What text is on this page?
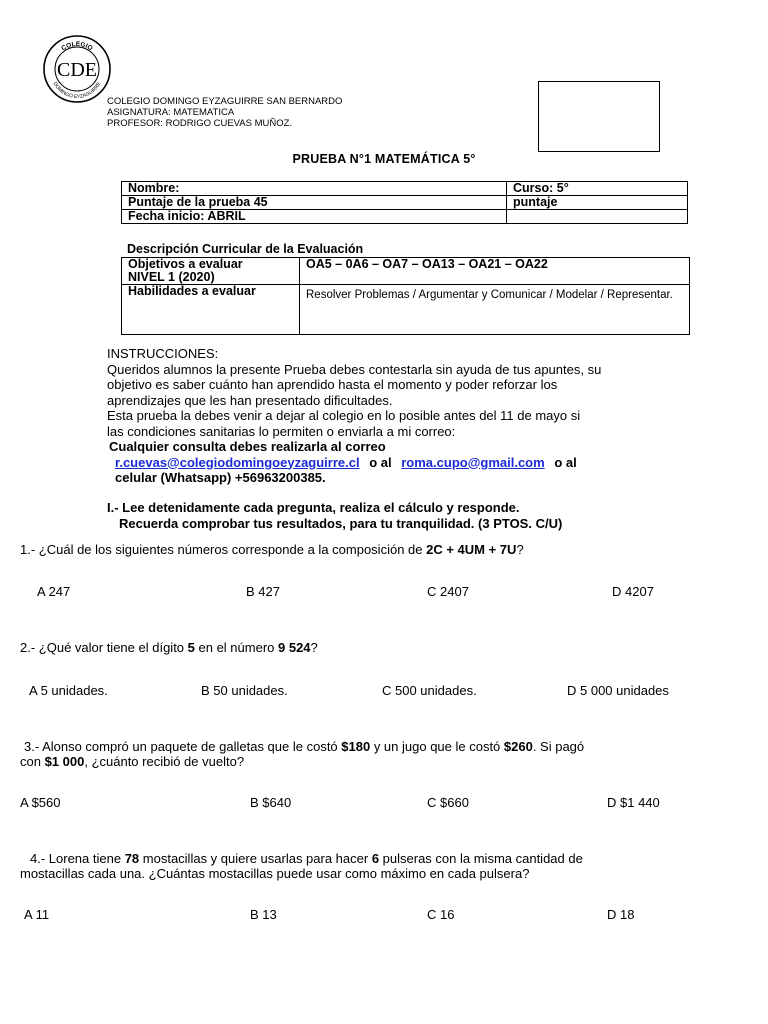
COLEGIO
DOMINGO EYZAGUIRRE
CDE
COLEGIO DOMINGO EYZAGUIRRE SAN BERNARDO
ASIGNATURA: MATEMATICA
PROFESOR: RODRIGO CUEVAS MUÑOZ.
PRUEBA N°1 MATEMÁTICA 5°
Nombre:	Curso: 5°
Puntaje de la prueba 45	puntaje
Fecha inicio: ABRIL	
Descripción Curricular de la Evaluación
Objetivos a evaluar
NIVEL 1 (2020)	OA5 – 0A6 – OA7 – OA13 – OA21 – OA22
Habilidades a evaluar	Resolver Problemas / Argumentar y Comunicar / Modelar / Representar.
INSTRUCCIONES:
Queridos alumnos la presente Prueba debes contestarla sin ayuda de tus apuntes, su
objetivo es saber cuánto han aprendido hasta el momento y poder reforzar los
aprendizajes que les han presentado dificultades.
Esta prueba la debes venir a dejar al colegio en lo posible antes del 11 de mayo si
las condiciones sanitarias lo permiten o enviarla a mi correo:
Cualquier consulta debes realizarla al correo
r.cuevas@colegiodomingoeyzaguirre.cl o al roma.cupo@gmail.com o al
celular (Whatsapp) +56963200385.
I.- Lee detenidamente cada pregunta, realiza el cálculo y responde.
Recuerda comprobar tus resultados, para tu tranquilidad. (3 PTOS. C/U)
1.- ¿Cuál de los siguientes números corresponde a la composición de 2C + 4UM + 7U?
A 247	B 427	C 2407	D 4207
2.- ¿Qué valor tiene el dígito 5 en el número 9 524?
A 5 unidades.	B 50 unidades.	C 500 unidades.	D 5 000 unidades
3.- Alonso compró un paquete de galletas que le costó $180 y un jugo que le costó $260. Si pagó
con $1 000, ¿cuánto recibió de vuelto?
A $560	B $640	C $660	D $1 440
4.- Lorena tiene 78 mostacillas y quiere usarlas para hacer 6 pulseras con la misma cantidad de
mostacillas cada una. ¿Cuántas mostacillas puede usar como máximo en cada pulsera?
A 11	B 13	C 16	D 18
